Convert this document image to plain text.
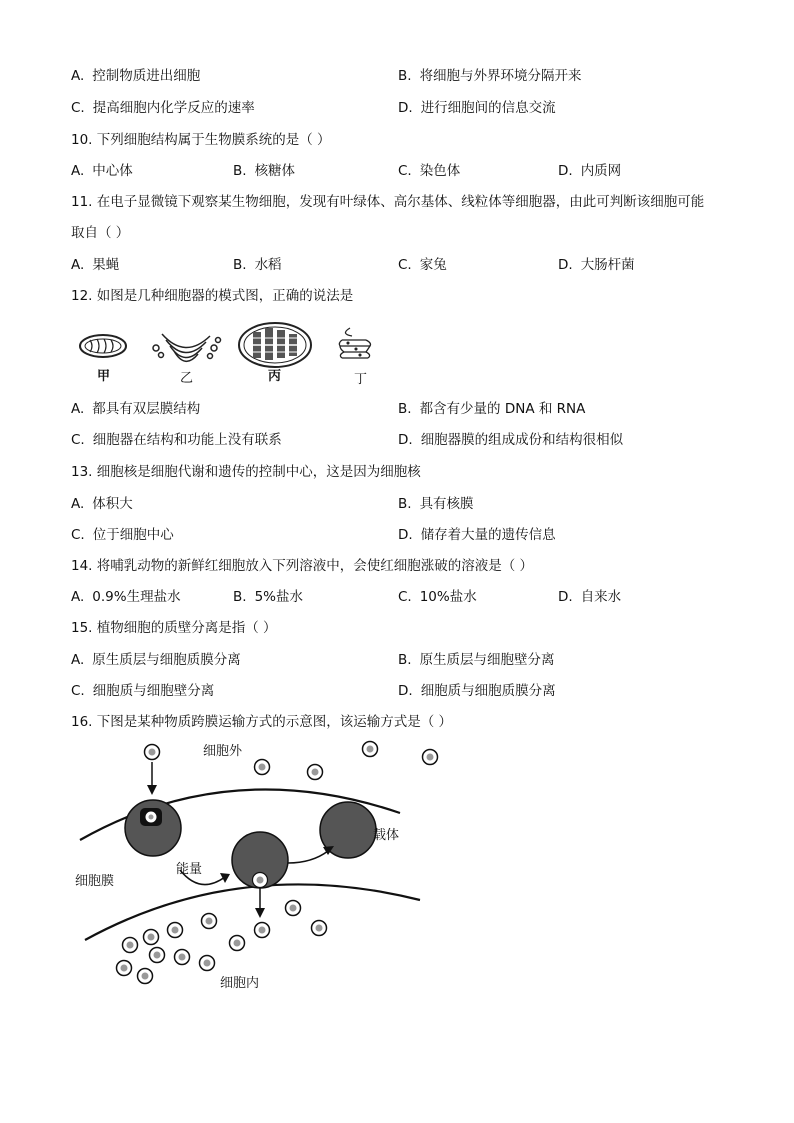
A. 控制物质进出细胞	B. 将细胞与外界环境分隔开来
C. 提高细胞内化学反应的速率	D. 进行细胞间的信息交流
10. 下列细胞结构属于生物膜系统的是（ ）
A. 中心体	B. 核糖体	C. 染色体	D. 内质网
11. 在电子显微镜下观察某生物细胞，发现有叶绿体、高尔基体、线粒体等细胞器，由此可判断该细胞可能
取自（ ）
A. 果蝇	B. 水稻	C. 家兔	D. 大肠杆菌
12. 如图是几种细胞器的模式图，正确的说法是
甲	乙	丙	丁
A. 都具有双层膜结构	B. 都含有少量的 DNA 和 RNA
C. 细胞器在结构和功能上没有联系	D. 细胞器膜的组成成份和结构很相似
13. 细胞核是细胞代谢和遗传的控制中心，这是因为细胞核
A. 体积大	B. 具有核膜
C. 位于细胞中心	D. 储存着大量的遗传信息
14. 将哺乳动物的新鲜红细胞放入下列溶液中，会使红细胞涨破的溶液是（ ）
A. 0.9%生理盐水	B. 5%盐水	C. 10%盐水	D. 自来水
15. 植物细胞的质壁分离是指（ ）
A. 原生质层与细胞质膜分离	B. 原生质层与细胞壁分离
C. 细胞质与细胞壁分离	D. 细胞质与细胞质膜分离
16. 下图是某种物质跨膜运输方式的示意图，该运输方式是（ ）
细胞外
载体
能量
细胞膜
细胞内
